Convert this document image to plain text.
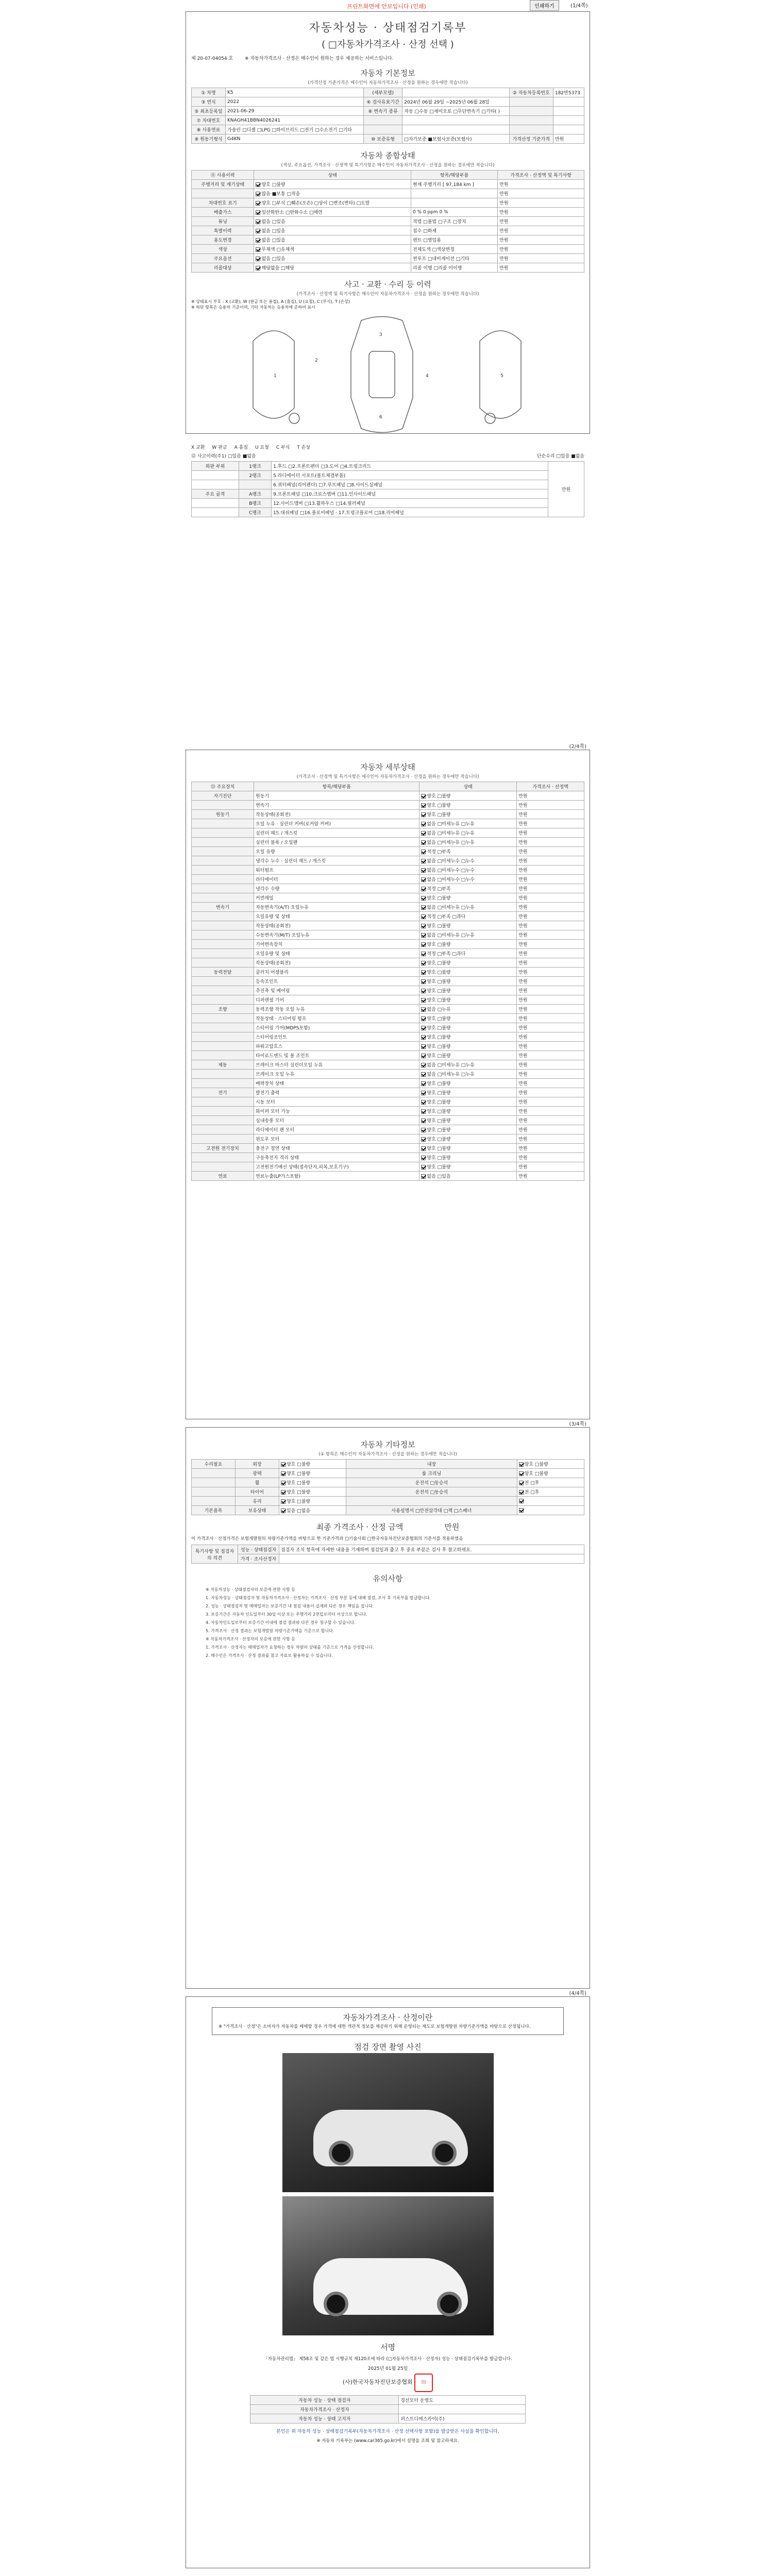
프린트화면에 안보입니다 (인쇄)	인쇄하기	(1/4쪽)
자동차성능 · 상태점검기록부
( □자동차가격조사 · 산정 선택 )
제 20-07-04054 호	※ 자동차가격조사 · 산정은 매수인이 원하는 경우 제공하는 서비스입니다.
자동차 기본정보
(가격산정 기준가격은 매수인이 자동차가격조사 · 산정을 원하는 경우에만 적습니다)
① 차명	K5	(세부모델)		② 자동차등록번호	182반5373
③ 연식	2022	④ 검사유효기간	2024년 06월 29일 ~2025년 06월 28일		
⑤ 최초등록일	2021-06-29	⑥ 변속기 종류	자동 □수동 □세미오토 □무단변속기 □기타( )		
⑦ 차대번호	KNAGH41BBN4026241				
⑧ 사용연료	가솔린 □디젤 □LPG □하이브리드 □전기 □수소전기 □기타				
⑨ 원동기형식	G4KN	⑩ 보증유형	□자가보증 ■보험사보증(보험사)	가격산정 기준가격	만원
자동차 종합상태
(색상, 주요옵션, 가격조사 · 산정액 및 특기사항은 매수인이 자동차가격조사 · 산정을 원하는 경우에만 적습니다)
⑪ 사용이력	상태	항목/해당부품	가격조사 · 산정액 및 특기사항
주행거리 및 계기상태	양호 □불량	현재 주행거리 [ 97,184 km ]	만원
	많음 ■보통 □적음		만원
차대번호 표기	양호 □부식 □훼손(오손) □상이 □변조(변타) □도말		만원
배출가스	일산화탄소 □탄화수소 □매연	0 % 0 ppm 0 %	만원
튜닝	없음 □있음	적법 □불법 □구조 □장치	만원
특별이력	없음 □있음	침수 □화재	만원
용도변경	없음 □있음	렌트 □영업용	만원
색상	무채색 □유채색	전체도색 □색상변경	만원
주요옵션	없음 □있음	썬루프 □네비게이션 □기타	만원
리콜대상	해당없음 □해당	리콜 이행 □리콜 미이행	만원
사고 · 교환 · 수리 등 이력
(가격조사 · 산정액 및 특기사항은 매수인이 자동차가격조사 · 산정을 원하는 경우에만 적습니다)
※ 상태표시 부호 : X (교환), W (판금 또는 용접), A (흠집), U (요철), C (부식), T (손상)
※ 하단 항목은 승용차 기준이며, 기타 자동차는 승용차에 준하여 표시
1
2
3
4	5
6
X 교환 W 판금 A 흠집 U 요철 C 부식 T 손상
⑫ 사고이력(주1) □있음 ■없음	단순수리 □있음 ■없음
외판 부위	1랭크	1.후드 □2.프론트펜더 □3.도어 □4.트렁크리드	만원
	2랭크	5.라디에이터 서포트(볼트체결부품)	
		6.쿼터패널(리어펜더) □7.루프패널 □8.사이드실패널	
주요 골격	A랭크	9.프론트패널 □10.크로스멤버 □11.인사이드패널	
	B랭크	12.사이드멤버 □13.휠하우스 □14.필러패널	
	C랭크	15.대쉬패널 □16.플로어패널 · 17.트렁크플로어 □18.리어패널	
(2/4쪽)
자동차 세부상태
(가격조사 · 산정액 및 특기사항은 매수인이 자동차가격조사 · 산정을 원하는 경우에만 적습니다)
⑬ 주요장치	항목/해당부품	상태	가격조사 · 산정액
자기진단	원동기	양호 □불량	만원
	변속기	양호 □불량	만원
원동기	작동상태(공회전)	양호 □불량	만원
	오일 누유 · 실린더 커버(로커암 커버)	없음 □미세누유 □누유	만원
	실린더 헤드 / 개스킷	없음 □미세누유 □누유	만원
	실린더 블록 / 오일팬	없음 □미세누유 □누유	만원
	오일 유량	적정 □부족	만원
	냉각수 누수 · 실린더 헤드 / 개스킷	없음 □미세누수 □누수	만원
	워터펌프	없음 □미세누수 □누수	만원
	라디에이터	없음 □미세누수 □누수	만원
	냉각수 수량	적정 □부족	만원
	커먼레일	양호 □불량	만원
변속기	자동변속기(A/T) 오일누유	없음 □미세누유 □누유	만원
	오일유량 및 상태	적정 □부족 □과다	만원
	작동상태(공회전)	양호 □불량	만원
	수동변속기(M/T) 오일누유	없음 □미세누유 □누유	만원
	기어변속장치	양호 □불량	만원
	오일유량 및 상태	적정 □부족 □과다	만원
	작동상태(공회전)	양호 □불량	만원
동력전달	클러치 어셈블리	양호 □불량	만원
	등속조인트	양호 □불량	만원
	추진축 및 베어링	양호 □불량	만원
	디퍼렌셜 기어	양호 □불량	만원
조향	동력조향 작동 오일 누유	없음 □누유	만원
	작동상태 · 스티어링 펌프	양호 □불량	만원
	스티어링 기어(MDPS포함)	양호 □불량	만원
	스티어링조인트	양호 □불량	만원
	파워고압호스	양호 □불량	만원
	타이로드엔드 및 볼 조인트	양호 □불량	만원
제동	브레이크 마스터 실린더오일 누유	없음 □미세누유 □누유	만원
	브레이크 오일 누유	없음 □미세누유 □누유	만원
	배력장치 상태	양호 □불량	만원
전기	발전기 출력	양호 □불량	만원
	시동 모터	양호 □불량	만원
	와이퍼 모터 기능	양호 □불량	만원
	실내송풍 모터	양호 □불량	만원
	라디에이터 팬 모터	양호 □불량	만원
	윈도우 모터	양호 □불량	만원
고전원 전기장치	충전구 절연 상태	양호 □불량	만원
	구동축전지 격리 상태	양호 □불량	만원
	고전원전기배선 상태(접속단자,피복,보호기구)	양호 □불량	만원
연료	연료누출(LP가스포함)	없음 □있음	만원
(3/4쪽)
자동차 기타정보
(① 항목은 매수인이 자동차가격조사 · 산정을 원하는 경우에만 적습니다)
수리필요	외장	양호 □불량	내장	양호 □불량
	광택	양호 □불량	룸 크리닝	양호 □불량
	휠	양호 □불량	운전석 □동승석	전 □후
	타이어	양호 □불량	운전석 □동승석	전 □후
	유리	양호 □불량		
기본품목	보유상태	있음 □없음	사용설명서 □안전삼각대 □잭 □스패너	
최종 가격조사 · 산정 금액	만원
이 가격조사 · 산정가격은 보험개발원의 차량기준가액을 바탕으로 한 기준가격과 □기술사회 □한국자동차진단보증협회의 기준서를 적용하였음
특기사항 및 점검자의 의견	성능 · 상태점검자	점검자 조치 항목에 자세한 내용을 기재하며 점검일과 출고 후 중요 부분은 검사 후 참고하세요.
	가격 · 조사산정자	
유의사항
※ 자동차성능 · 상태점검자의 보증에 관한 사항 등
1. 자동차성능 · 상태점검자 및 자동차가격조사 · 산정자는 가격조사 · 산정 부분 등에 대해 점검, 조사 후 기록부를 발급합니다.
2. 성능 · 상태점검자 및 매매업자는 보증기간 내 점검 내용이 실제와 다른 경우 책임을 집니다.
3. 보증기간은 자동차 인도일부터 30일 이상 또는 주행거리 2천킬로미터 이상으로 합니다.
4. 자동차인도일로부터 보증기간 이내에 점검 결과와 다른 경우 청구할 수 있습니다.
5. 가격조사 · 산정 결과는 보험개발원 차량기준가액을 기준으로 합니다.
※ 자동차가격조사 · 산정자의 보증에 관한 사항 등
1. 가격조사 · 산정자는 매매업자가 요청하는 경우 차량의 상태를 기준으로 가격을 산정합니다.
2. 매수인은 가격조사 · 산정 결과를 참고 자료로 활용하실 수 있습니다.
(4/4쪽)
자동차가격조사 · 산정이란
※ "가격조사 · 산정"은 소비자가 자동차를 매매할 경우 가격에 대한 객관적 정보를 제공하기 위해 운영되는 제도로 보험개발원 차량기준가액을 바탕으로 산정됩니다.
점검 장면 촬영 사진
서명
「자동차관리법」 제58조 및 같은 법 시행규칙 제120조에 따라 (□자동차가격조사 · 산정자) 성능 · 상태점검기록부를 발급합니다.
2025년 01월 25일
(사)한국자동차진단보증협회 印
자동차 성능 · 상태 점검자	경선모터 운영도
자동차가격조사 · 산정자	
자동차 성능 · 상태 고지자	퍼스트디에스카이(주)
본인은 위 자동차 성능 · 상태점검기록부(자동차가격조사 · 산정 선택사항 포함)를 발급받은 사실을 확인합니다.
※ 자동차 기록부는 (www.car365.go.kr)에서 설명을 조회 및 참고하세요.
